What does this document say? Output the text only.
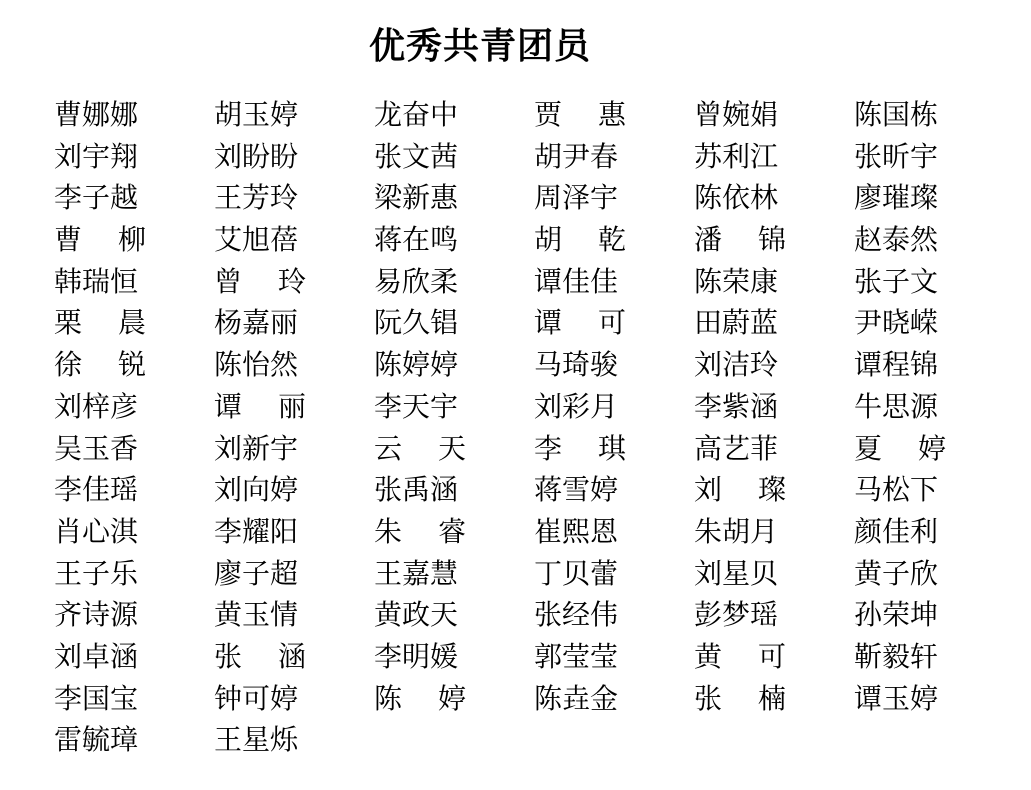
优秀共青团员
曹娜娜	胡玉婷	龙奋中	贾 惠	曾婉娟	陈国栋
刘宇翔	刘盼盼	张文茜	胡尹春	苏利江	张昕宇
李子越	王芳玲	梁新惠	周泽宇	陈依林	廖璀璨
曹 柳	艾旭蓓	蒋在鸣	胡 乾	潘 锦	赵泰然
韩瑞恒	曾 玲	易欣柔	谭佳佳	陈荣康	张子文
栗 晨	杨嘉丽	阮久锠	谭 可	田蔚蓝	尹晓嵘
徐 锐	陈怡然	陈婷婷	马琦骏	刘洁玲	谭程锦
刘梓彦	谭 丽	李天宇	刘彩月	李紫涵	牛思源
吴玉香	刘新宇	云 天	李 琪	高艺菲	夏 婷
李佳瑶	刘向婷	张禹涵	蒋雪婷	刘 璨	马松下
肖心淇	李耀阳	朱 睿	崔熙恩	朱胡月	颜佳利
王子乐	廖子超	王嘉慧	丁贝蕾	刘星贝	黄子欣
齐诗源	黄玉情	黄政天	张经伟	彭梦瑶	孙荣坤
刘卓涵	张 涵	李明媛	郭莹莹	黄 可	靳毅轩
李国宝	钟可婷	陈 婷	陈垚金	张 楠	谭玉婷
雷毓璋	王星烁
